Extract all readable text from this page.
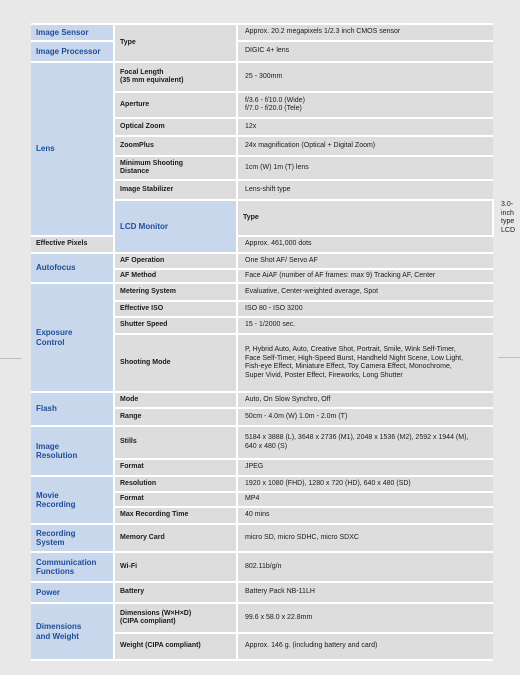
Image Sensor	Type	Approx. 20.2 megapixels 1/2.3 inch CMOS sensor	

Image Processor		DIGIC 4+ lens	

Lens	Focal Length
(35 mm equivalent)	25 - 300mm	

	Aperture	f/3.6 - f/10.0 (Wide)
f/7.0 - f/20.0 (Tele)	

	Optical Zoom	12x	

	ZoomPlus	24x magnification (Optical + Digital Zoom)	

	Minimum Shooting
Distance	1cm (W) 1m (T) lens	

	Image Stabilizer	Lens-shift type	

	LCD Monitor	Type	3.0-inch type LCD

Effective Pixels		Approx. 461,000 dots	

Autofocus	AF Operation	One Shot AF/ Servo AF	

	AF Method	Face AiAF (number of AF frames: max 9) Tracking AF, Center	

Exposure
Control	Metering System	Evaluative, Center-weighted average, Spot	

	Effective ISO	ISO 80 - ISO 3200	

	Shutter Speed	15 - 1/2000 sec.	

	Shooting Mode	P, Hybrid Auto, Auto, Creative Shot, Portrait, Smile, Wink Self-Timer,
Face Self-Timer, High-Speed Burst, Handheld Night Scene, Low Light,
Fish-eye Effect, Miniature Effect, Toy Camera Effect, Monochrome,
Super Vivid, Poster Effect, Fireworks, Long Shutter	

Flash	Mode	Auto, On Slow Synchro, Off	

	Range	50cm - 4.0m (W) 1.0m - 2.0m (T)	

Image
Resolution	Stills	5184 x 3888 (L), 3648 x 2736 (M1), 2048 x 1536 (M2), 2592 x 1944 (M),
640 x 480 (S)	

	Format	JPEG	

Movie
Recording	Resolution	1920 x 1080 (FHD), 1280 x 720 (HD), 640 x 480 (SD)	

	Format	MP4	

	Max Recording Time	40 mins	

Recording
System	Memory Card	micro SD, micro SDHC, micro SDXC	

Communication
Functions	Wi-Fi	802.11b/g/n	

Power	Battery	Battery Pack NB-11LH	

Dimensions
and Weight	Dimensions (W×H×D)
(CIPA compliant)	99.6 x 58.0 x 22.8mm	

	Weight (CIPA compliant)	Approx. 146 g. (including battery and card)	
